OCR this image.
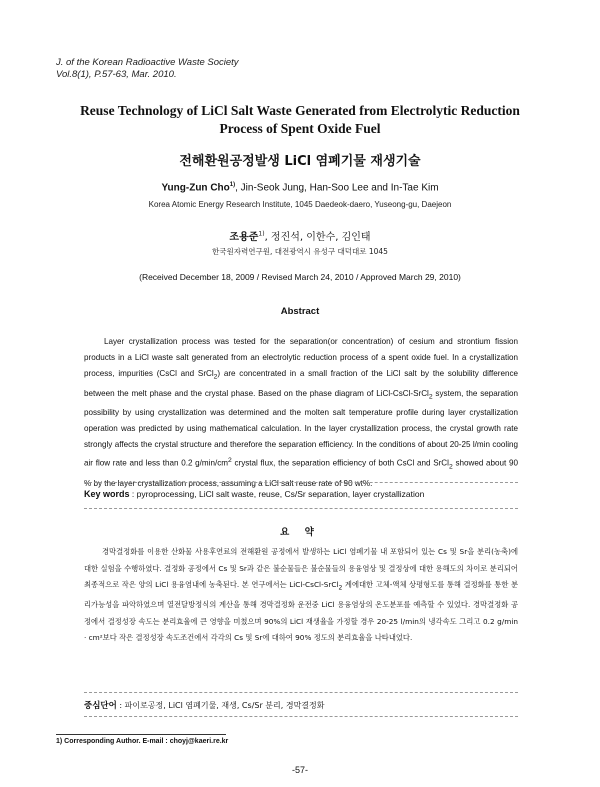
J. of the Korean Radioactive Waste Society
Vol.8(1), P.57-63, Mar. 2010.
Reuse Technology of LiCl Salt Waste Generated from Electrolytic Reduction Process of Spent Oxide Fuel
전해환원공정발생 LiCl 염폐기물 재생기술
Yung-Zun Cho$^{1)}$, Jin-Seok Jung, Han-Soo Lee and In-Tae Kim
Korea Atomic Energy Research Institute, 1045 Daedeok-daero, Yuseong-gu, Daejeon
조용준$^{1)}$, 정진석, 이한수, 김인태
한국원자력연구원, 대전광역시 유성구 대덕대로 1045
(Received December 18, 2009 / Revised March 24, 2010 / Approved March 29, 2010)
Abstract
Layer crystallization process was tested for the separation(or concentration) of cesium and strontium fission products in a LiCl waste salt generated from an electrolytic reduction process of a spent oxide fuel. In a crystallization process, impurities (CsCl and SrCl$_2$) are concentrated in a small fraction of the LiCl salt by the solubility difference between the melt phase and the crystal phase. Based on the phase diagram of LiCl-CsCl-SrCl$_2$ system, the separation possibility by using crystallization was determined and the molten salt temperature profile during layer crystallization operation was predicted by using mathematical calculation. In the layer crystallization process, the crystal growth rate strongly affects the crystal structure and therefore the separation efficiency. In the conditions of about 20-25 l/min cooling air flow rate and less than 0.2 $g/\min/cm^2$ crystal flux, the separation efficiency of both CsCl and SrCl$_2$ showed about 90 % by the layer crystallization process, assuming a LiCl salt reuse rate of 90 wt%.
Key words : pyroprocessing, LiCl salt waste, reuse, Cs/Sr separation, layer crystallization
요 약
경막결정화를 이용한 산화물 사용후연료의 전해환원 공정에서 발생하는 LiCl 염폐기물 내 포함되어 있는 Cs 및 Sr을 분리(농축)에 대한 실험을 수행하였다. 결정화 공정에서 Cs 및 Sr과 같은 불순물들은 불순물들의 용융염상 및 결정상에 대한 용해도의 차이로 분리되어 최종적으로 작은 양의 LiCl 용융염내에 농축된다. 본 연구에서는 LiCl-CsCl-SrCl$_2$ 계에대한 고체-액체 상평형도를 통해 결정화를 통한 분리가능성을 파악하였으며 열전달방정식의 계산을 통해 경막결정화 운전중 LiCl 용융염상의 온도분포를 예측할 수 있었다. 경막결정화 공정에서 결정성장 속도는 분리효율에 큰 영향을 미쳤으며 90%의 LiCl 재생율을 가정할 경우 20-25 l/min의 냉각속도 그리고 0.2 g/min · cm²보다 작은 결정성장 속도조건에서 각각의 Cs 및 Sr에 대하여 90% 정도의 분리효율을 나타내었다.
중심단어 : 파이로공정, LiCl 염폐기물, 재생, Cs/Sr 분리, 경막결정화
1) Corresponding Author. E-mail : choyj@kaeri.re.kr
-57-
